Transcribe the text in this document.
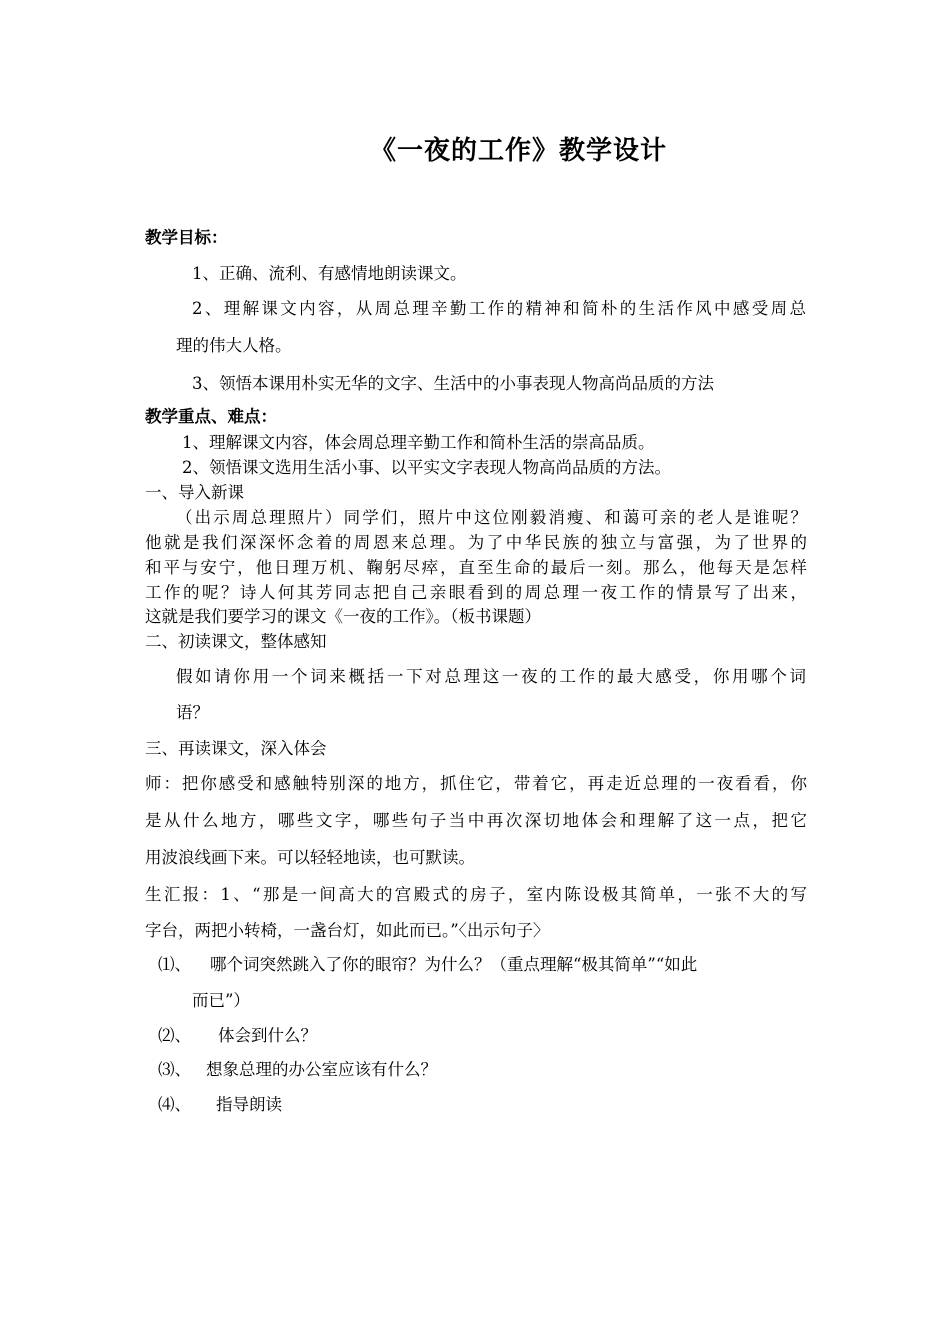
《一夜的工作》教学设计
教学目标：
1、正确、流利、有感情地朗读课文。
2、理解课文内容，从周总理辛勤工作的精神和简朴的生活作风中感受周总
理的伟大人格。
3、领悟本课用朴实无华的文字、生活中的小事表现人物高尚品质的方法
教学重点、难点：
1、理解课文内容，体会周总理辛勤工作和简朴生活的崇高品质。
2、领悟课文选用生活小事、以平实文字表现人物高尚品质的方法。
一、导入新课
（出示周总理照片）同学们，照片中这位刚毅消瘦、和蔼可亲的老人是谁呢？
他就是我们深深怀念着的周恩来总理。为了中华民族的独立与富强，为了世界的
和平与安宁，他日理万机、鞠躬尽瘁，直至生命的最后一刻。那么，他每天是怎样
工作的呢？诗人何其芳同志把自己亲眼看到的周总理一夜工作的情景写了出来，
这就是我们要学习的课文《一夜的工作》。（板书课题）
二、初读课文，整体感知
假如请你用一个词来概括一下对总理这一夜的工作的最大感受，你用哪个词
语？
三、再读课文，深入体会
师：把你感受和感触特别深的地方，抓住它，带着它，再走近总理的一夜看看，你
是从什么地方，哪些文字，哪些句子当中再次深切地体会和理解了这一点，把它
用波浪线画下来。可以轻轻地读，也可默读。
生汇报：1、“那是一间高大的宫殿式的房子，室内陈设极其简单，一张不大的写
字台，两把小转椅，一盏台灯，如此而已。”〈出示句子〉
⑴、 哪个词突然跳入了你的眼帘？为什么？（重点理解“极其简单”“如此
而已”）
⑵、 体会到什么？
⑶、 想象总理的办公室应该有什么？
⑷、 指导朗读
